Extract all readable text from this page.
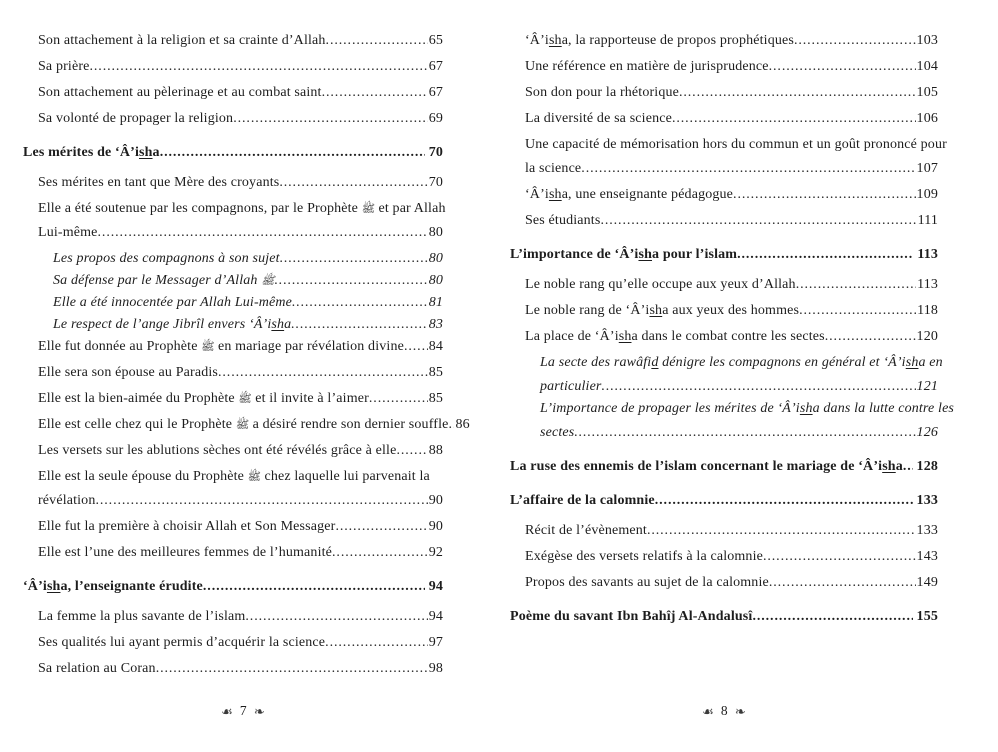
Son attachement à la religion et sa crainte d’Allah .....	65
Sa prière .....	67
Son attachement au pèlerinage et au combat saint .....	67
Sa volonté de propager la religion .....	69
Les mérites de ‘Â’isha .....	70
Ses mérites en tant que Mère des croyants .....	70
Elle a été soutenue par les compagnons, par le Prophète ﷺ et par Allah
Lui-même .....	80
Les propos des compagnons à son sujet .....	80
Sa défense par le Messager d’Allah ﷺ .....	80
Elle a été innocentée par Allah Lui-même .....	81
Le respect de l’ange Jibrîl envers ‘Â’isha .....	83
Elle fut donnée au Prophète ﷺ en mariage par révélation divine ..... 84
Elle sera son épouse au Paradis .....	85
Elle est la bien-aimée du Prophète ﷺ et il invite à l’aimer .....	85
Elle est celle chez qui le Prophète ﷺ a désiré rendre son dernier souffle ..... 86
Les versets sur les ablutions sèches ont été révélés grâce à elle ..... 88
Elle est la seule épouse du Prophète ﷺ chez laquelle lui parvenait la
révélation .....	90
Elle fut la première à choisir Allah et Son Messager .....	90
Elle est l’une des meilleures femmes de l’humanité .....	92
‘Â’isha, l’enseignante érudite .....	94
La femme la plus savante de l’islam .....	94
Ses qualités lui ayant permis d’acquérir la science .....	97
Sa relation au Coran .....	98
‘Â’isha, la rapporteuse de propos prophétiques .....	103
Une référence en matière de jurisprudence .....	104
Son don pour la rhétorique .....	105
La diversité de sa science .....	106
Une capacité de mémorisation hors du commun et un goût prononcé pour
la science .....	107
‘Â’isha, une enseignante pédagogue .....	109
Ses étudiants .....	111
L’importance de ‘Â’isha pour l’islam .....	113
Le noble rang qu’elle occupe aux yeux d’Allah .....	113
Le noble rang de ‘Â’isha aux yeux des hommes .....	118
La place de ‘Â’isha dans le combat contre les sectes .....	120
La secte des rawâfid dénigre les compagnons en général et ‘Â’isha en
particulier .....	121
L’importance de propager les mérites de ‘Â’isha dans la lutte contre les
sectes .....	126
La ruse des ennemis de l’islam concernant le mariage de ‘Â’isha ..... 128
L’affaire de la calomnie .....	133
Récit de l’évènement .....	133
Exégèse des versets relatifs à la calomnie .....	143
Propos des savants au sujet de la calomnie .....	149
Poème du savant Ibn Bahîj Al-Andalusî .....	155
☙ 7 ❧	☙ 8 ❧
